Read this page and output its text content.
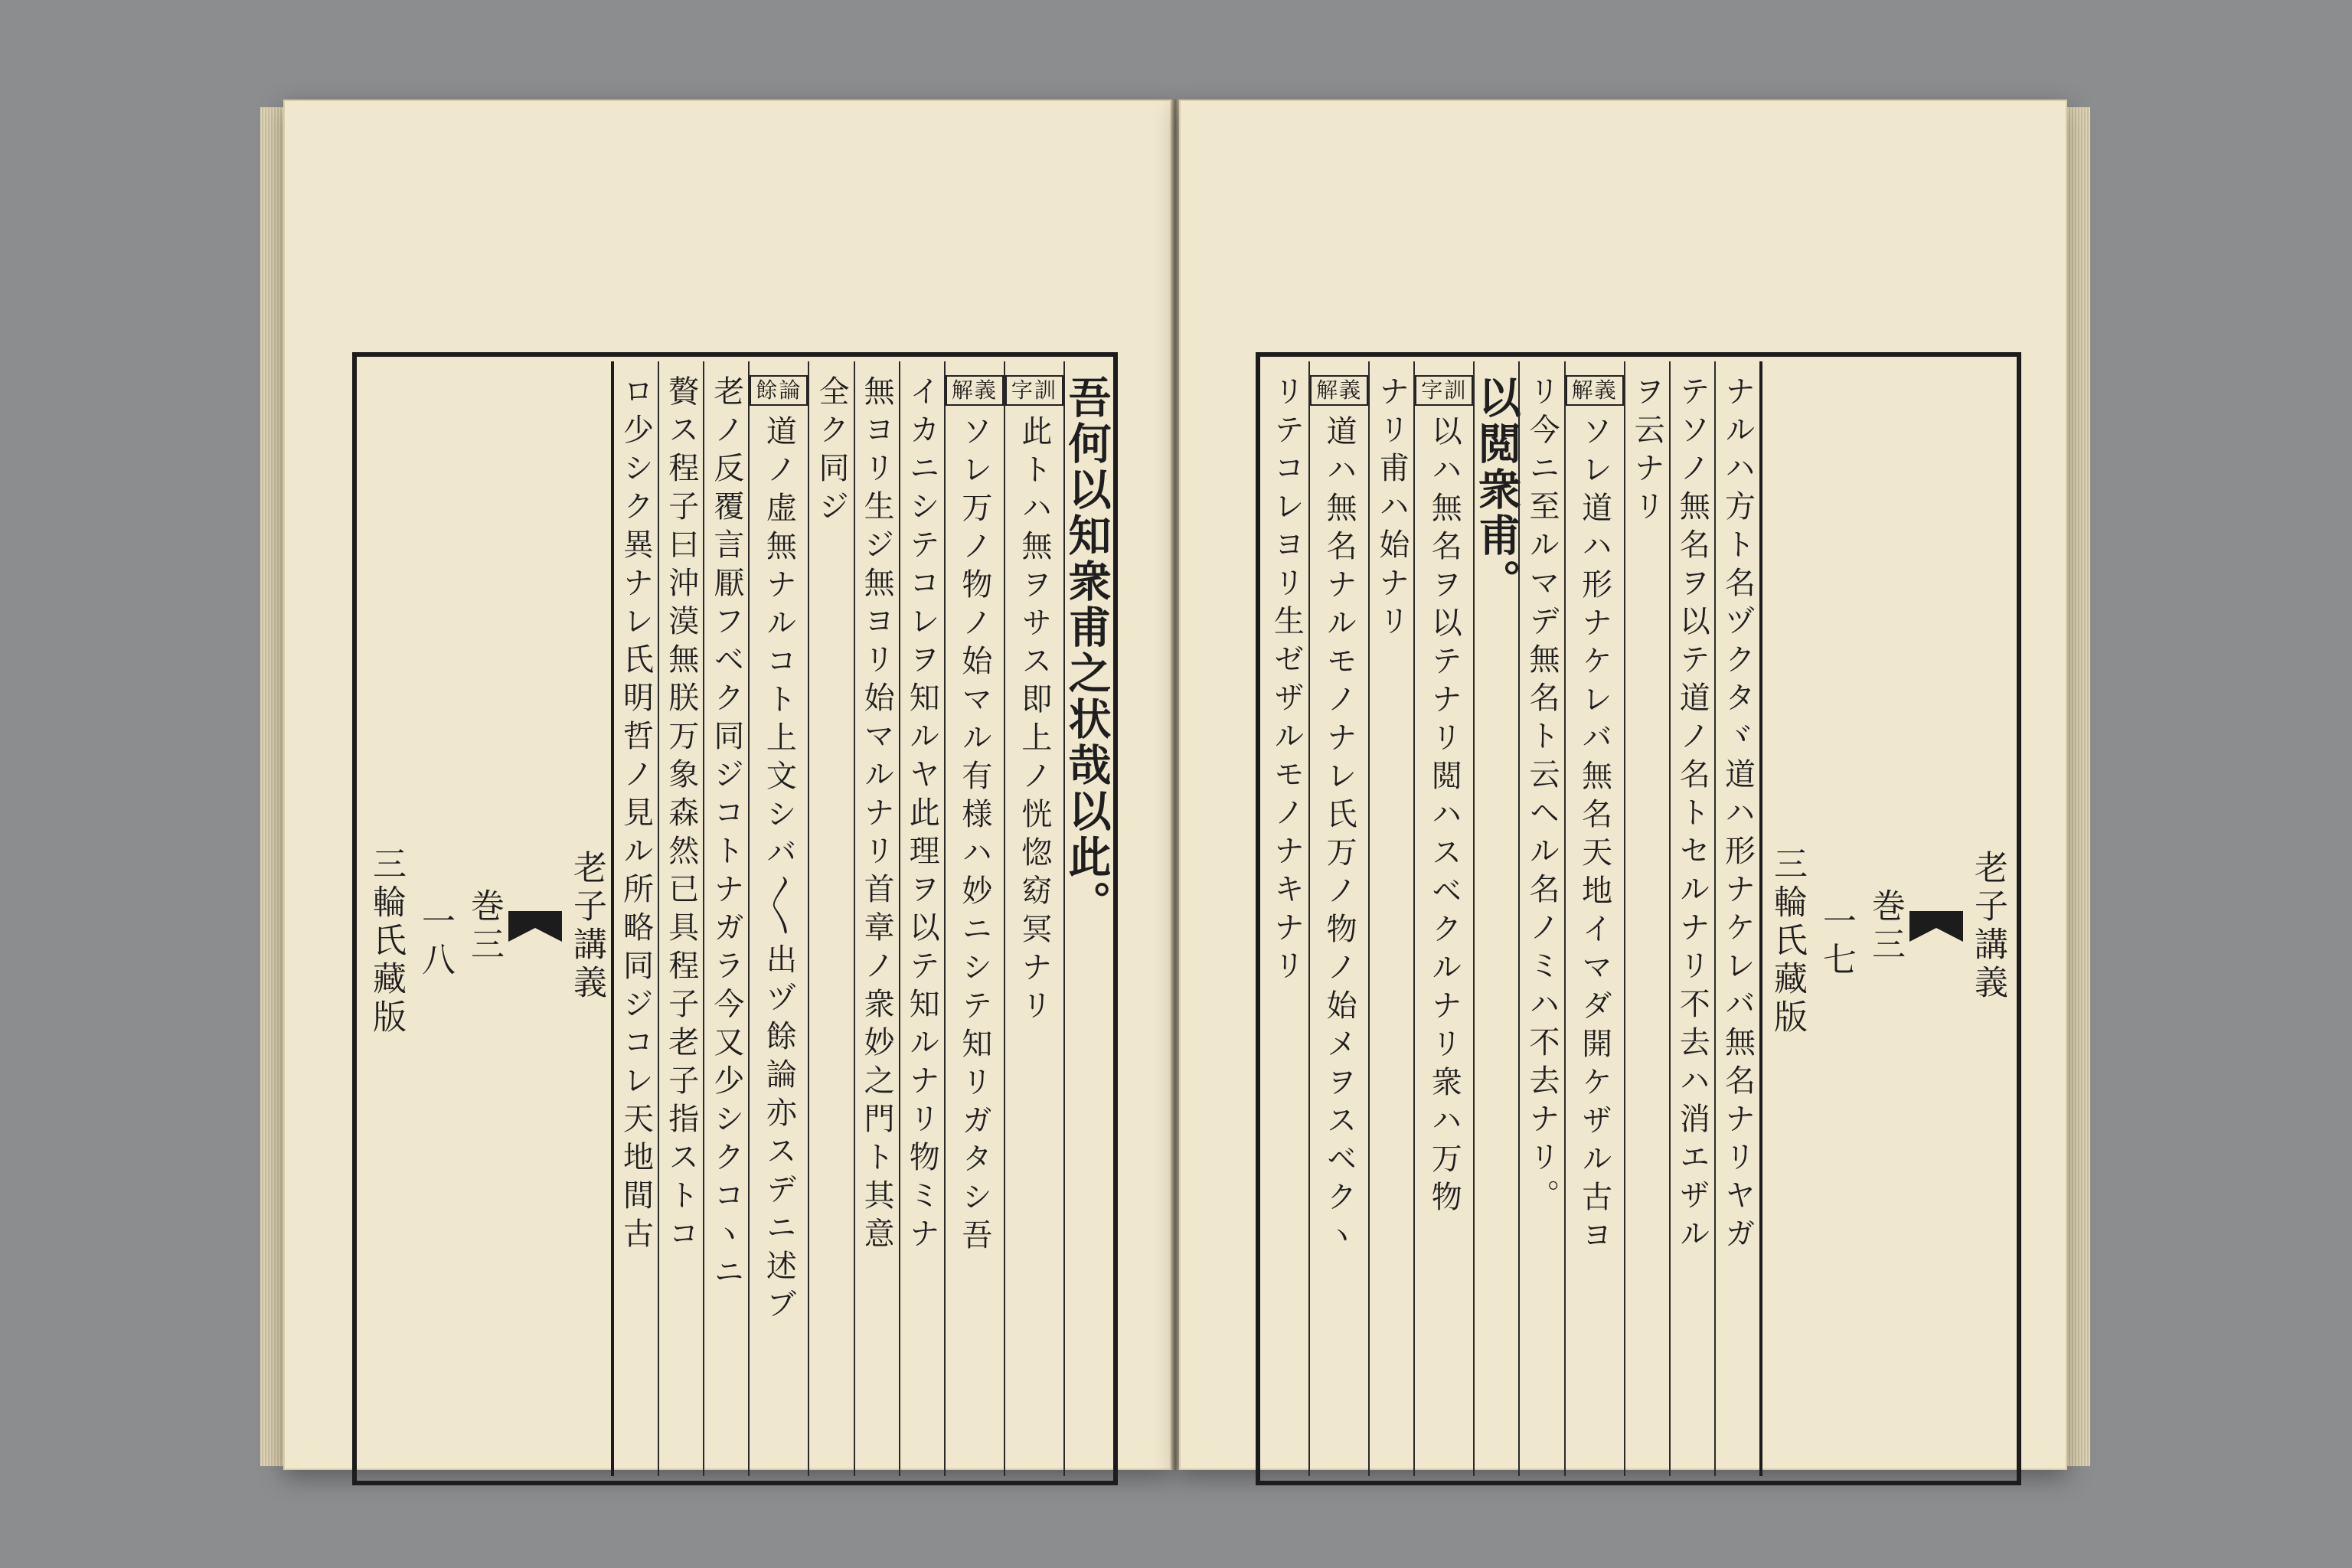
老子講義
巻三
一八
三輪氏藏版
吾何以知衆甫之状哉以此。
字訓
此トハ無ヲサス即上ノ恍惚窈冥ナリ
解義
ソレ万ノ物ノ始マル有様ハ妙ニシテ知リガタシ吾
イカニシテコレヲ知ルヤ此理ヲ以テ知ルナリ物ミナ
無ヨリ生ジ無ヨリ始マルナリ首章ノ衆妙之門ト其意
全ク同ジ
餘論
道ノ虚無ナルコト上文シバ〳〵出ヅ餘論亦スデニ述ブ
老ノ反覆言厭フベク同ジコトナガラ今又少シクコヽニ
贅ス程子曰沖漠無朕万象森然已具程子老子指ストコ
ロ少シク異ナレ氏明哲ノ見ル所略同ジコレ天地間古	老子講義
巻三
一七
三輪氏藏版
ナルハ方ト名ヅクタヾ道ハ形ナケレバ無名ナリヤガ
テソノ無名ヲ以テ道ノ名トセルナリ不去ハ消エザル
ヲ云ナリ
解義
ソレ道ハ形ナケレバ無名天地イマダ開ケザル古ヨ
リ今ニ至ルマデ無名ト云ヘル名ノミハ不去ナリ。
以閲衆甫。
字訓
以ハ無名ヲ以テナリ閲ハスベクルナリ衆ハ万物
ナリ甫ハ始ナリ
解義
道ハ無名ナルモノナレ氏万ノ物ノ始メヲスベクヽ
リテコレヨリ生ゼザルモノナキナリ
